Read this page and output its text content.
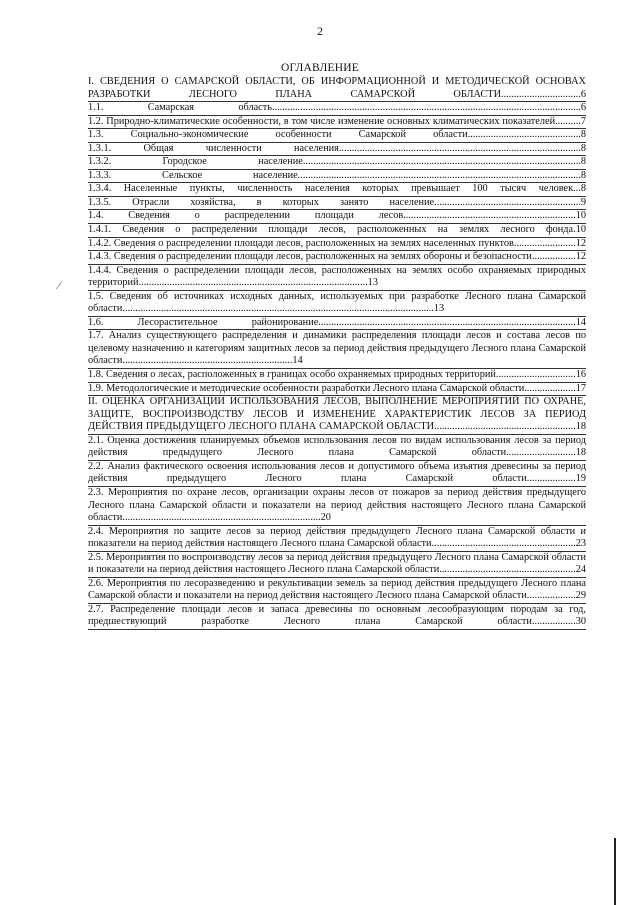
2
ОГЛАВЛЕНИЕ
I. СВЕДЕНИЯ О САМАРСКОЙ ОБЛАСТИ, ОБ ИНФОРМАЦИОННОЙ И МЕТОДИЧЕСКОЙ ОСНОВАХ РАЗРАБОТКИ ЛЕСНОГО ПЛАНА САМАРСКОЙ ОБЛАСТИ...............................6
1.1. Самарская область........................................................................................................................6
1.2. Природно-климатические особенности, в том числе изменение основных климатических показателей..........7
1.3. Социально-экономические особенности Самарской области............................................8
1.3.1. Общая численности населения..............................................................................................8
1.3.2. Городское население............................................................................................................8
1.3.3. Сельское население..............................................................................................................8
1.3.4. Населенные пункты, численность населения которых превышает 100 тысяч человек...8
1.3.5. Отрасли хозяйства, в которых занято население.........................................................9
1.4. Сведения о распределении площади лесов...................................................................10
1.4.1. Сведения о распределении площади лесов, расположенных на землях лесного фонда.10
1.4.2. Сведения о распределении площади лесов, расположенных на землях населенных пунктов........................12
1.4.3. Сведения о распределении площади лесов, расположенных на землях обороны и безопасности.................12
1.4.4. Сведения о распределении площади лесов, расположенных на землях особо охраняемых природных территорий.........................................................................................13
1.5. Сведения об источниках исходных данных, используемых при разработке Лесного плана Самарской области.........................................................................................................................13
1.6. Лесорастительное районирование....................................................................................................14
1.7. Анализ существующего распределения и динамики распределения площади лесов и состава лесов по целевому назначению и категориям защитных лесов за период действия предыдущего Лесного плана Самарской области..................................................................14
1.8. Сведения о лесах, расположенных в границах особо охраняемых природных территорий...............................16
1.9. Методологические и методические особенности разработки Лесного плана Самарской области....................17
II. ОЦЕНКА ОРГАНИЗАЦИИ ИСПОЛЬЗОВАНИЯ ЛЕСОВ, ВЫПОЛНЕНИЕ МЕРОПРИЯТИЙ ПО ОХРАНЕ, ЗАЩИТЕ, ВОСПРОИЗВОДСТВУ ЛЕСОВ И ИЗМЕНЕНИЕ ХАРАКТЕРИСТИК ЛЕСОВ ЗА ПЕРИОД ДЕЙСТВИЯ ПРЕДЫДУЩЕГО ЛЕСНОГО ПЛАНА САМАРСКОЙ ОБЛАСТИ.......................................................18
2.1. Оценка достижения планируемых объемов использования лесов по видам использования лесов за период действия предыдущего Лесного плана Самарской области...........................18
2.2. Анализ фактического освоения использования лесов и допустимого объема изъятия древесины за период действия предыдущего Лесного плана Самарской области...................19
2.3. Мероприятия по охране лесов, организации охраны лесов от пожаров за период действия предыдущего Лесного плана Самарской области и показатели на период действия настоящего Лесного плана Самарской области.............................................................................20
2.4. Мероприятия по защите лесов за период действия предыдущего Лесного плана Самарской области и показатели на период действия настоящего Лесного плана Самарской области........................................................23
2.5. Мероприятия по воспроизводству лесов за период действия предыдущего Лесного плана Самарской области и показатели на период действия настоящего Лесного плана Самарской области.....................................................24
2.6. Мероприятия по лесоразведению и рекультивации земель за период действия предыдущего Лесного плана Самарской области и показатели на период действия настоящего Лесного плана Самарской области...................29
2.7. Распределение площади лесов и запаса древесины по основным лесообразующим породам за год, предшествующий разработке Лесного плана Самарской области.................30
⁄
